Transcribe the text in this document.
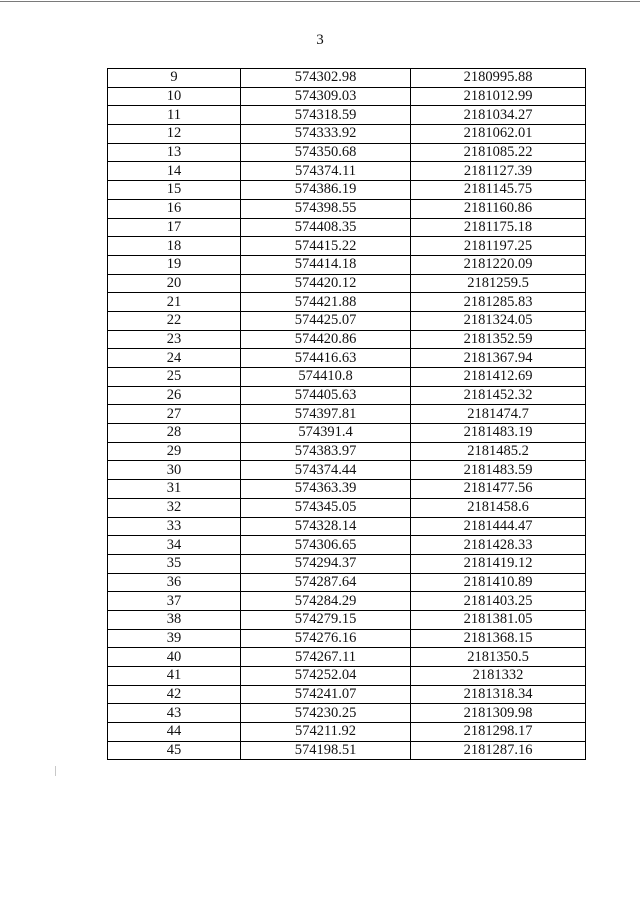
3
9	574302.98	2180995.88
10	574309.03	2181012.99
11	574318.59	2181034.27
12	574333.92	2181062.01
13	574350.68	2181085.22
14	574374.11	2181127.39
15	574386.19	2181145.75
16	574398.55	2181160.86
17	574408.35	2181175.18
18	574415.22	2181197.25
19	574414.18	2181220.09
20	574420.12	2181259.5
21	574421.88	2181285.83
22	574425.07	2181324.05
23	574420.86	2181352.59
24	574416.63	2181367.94
25	574410.8	2181412.69
26	574405.63	2181452.32
27	574397.81	2181474.7
28	574391.4	2181483.19
29	574383.97	2181485.2
30	574374.44	2181483.59
31	574363.39	2181477.56
32	574345.05	2181458.6
33	574328.14	2181444.47
34	574306.65	2181428.33
35	574294.37	2181419.12
36	574287.64	2181410.89
37	574284.29	2181403.25
38	574279.15	2181381.05
39	574276.16	2181368.15
40	574267.11	2181350.5
41	574252.04	2181332
42	574241.07	2181318.34
43	574230.25	2181309.98
44	574211.92	2181298.17
45	574198.51	2181287.16
